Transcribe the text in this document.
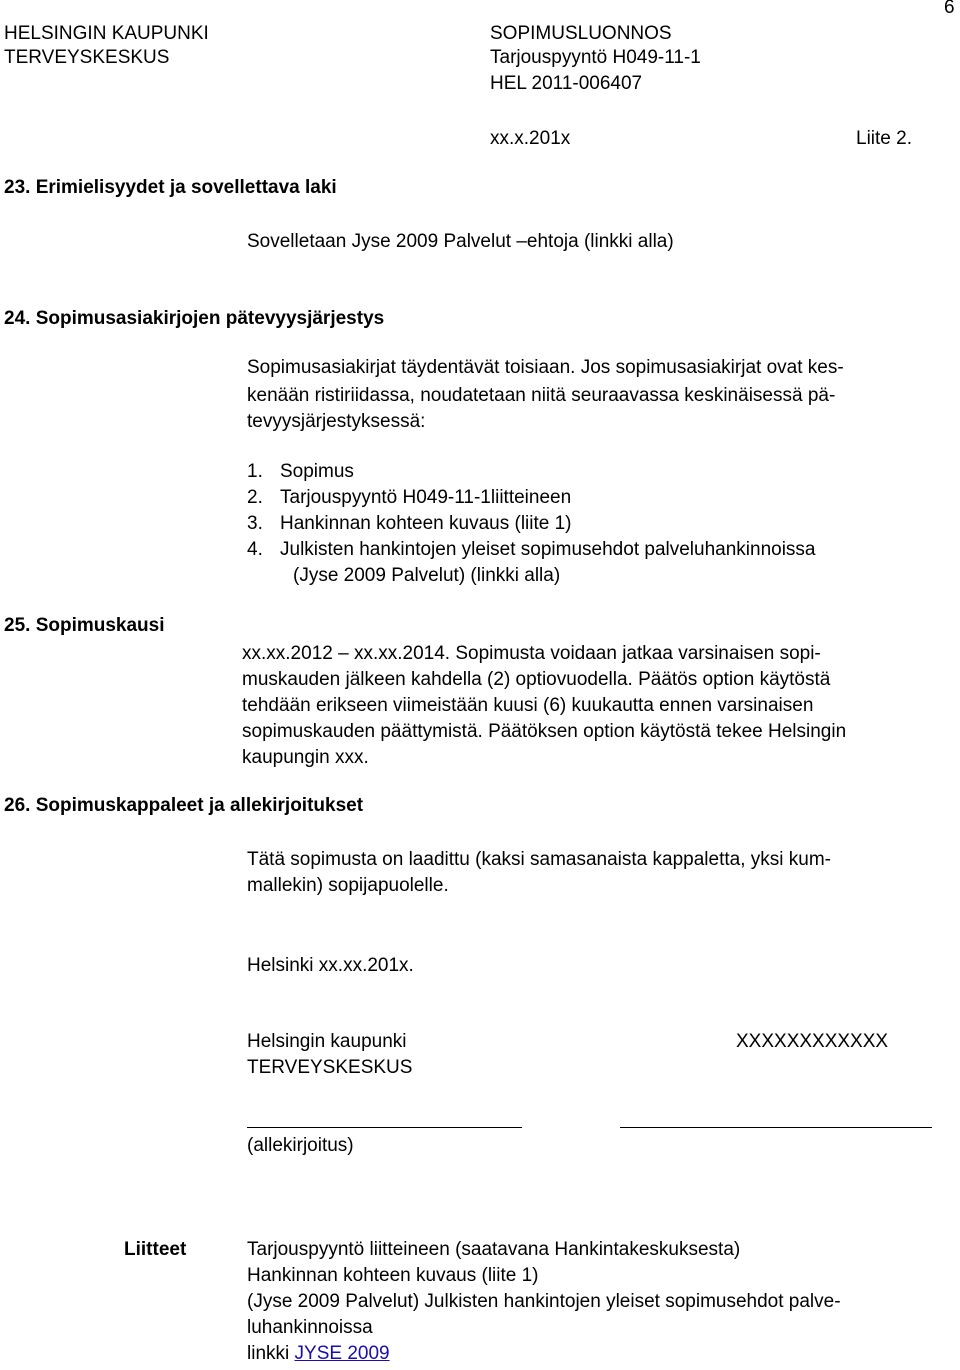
HELSINGIN KAUPUNKI
TERVEYSKESKUS
SOPIMUSLUONNOS
Tarjouspyyntö H049-11-1
HEL 2011-006407
6
xx.x.201x	Liite 2.
23. Erimielisyydet ja sovellettava laki
Sovelletaan Jyse 2009 Palvelut –ehtoja (linkki alla)
24. Sopimusasiakirjojen pätevyysjärjestys
Sopimusasiakirjat täydentävät toisiaan. Jos sopimusasiakirjat ovat kes-
kenään ristiriidassa, noudatetaan niitä seuraavassa keskinäisessä pä-
tevyysjärjestyksessä:
1. Sopimus
2. Tarjouspyyntö H049-11-1liitteineen
3. Hankinnan kohteen kuvaus (liite 1)
4. Julkisten hankintojen yleiset sopimusehdot palveluhankinnoissa
(Jyse 2009 Palvelut) (linkki alla)
25. Sopimuskausi
xx.xx.2012 – xx.xx.2014. Sopimusta voidaan jatkaa varsinaisen sopi-
muskauden jälkeen kahdella (2) optiovuodella. Päätös option käytöstä
tehdään erikseen viimeistään kuusi (6) kuukautta ennen varsinaisen
sopimuskauden päättymistä. Päätöksen option käytöstä tekee Helsingin
kaupungin xxx.
26. Sopimuskappaleet ja allekirjoitukset
Tätä sopimusta on laadittu (kaksi samasanaista kappaletta, yksi kum-
mallekin) sopijapuolelle.
Helsinki xx.xx.201x.
Helsingin kaupunki
TERVEYSKESKUS
XXXXXXXXXXXX
(allekirjoitus)
Liitteet	Tarjouspyyntö liitteineen (saatavana Hankintakeskuksesta)
Hankinnan kohteen kuvaus (liite 1)
(Jyse 2009 Palvelut) Julkisten hankintojen yleiset sopimusehdot palve-
luhankinnoissa
linkki JYSE 2009
